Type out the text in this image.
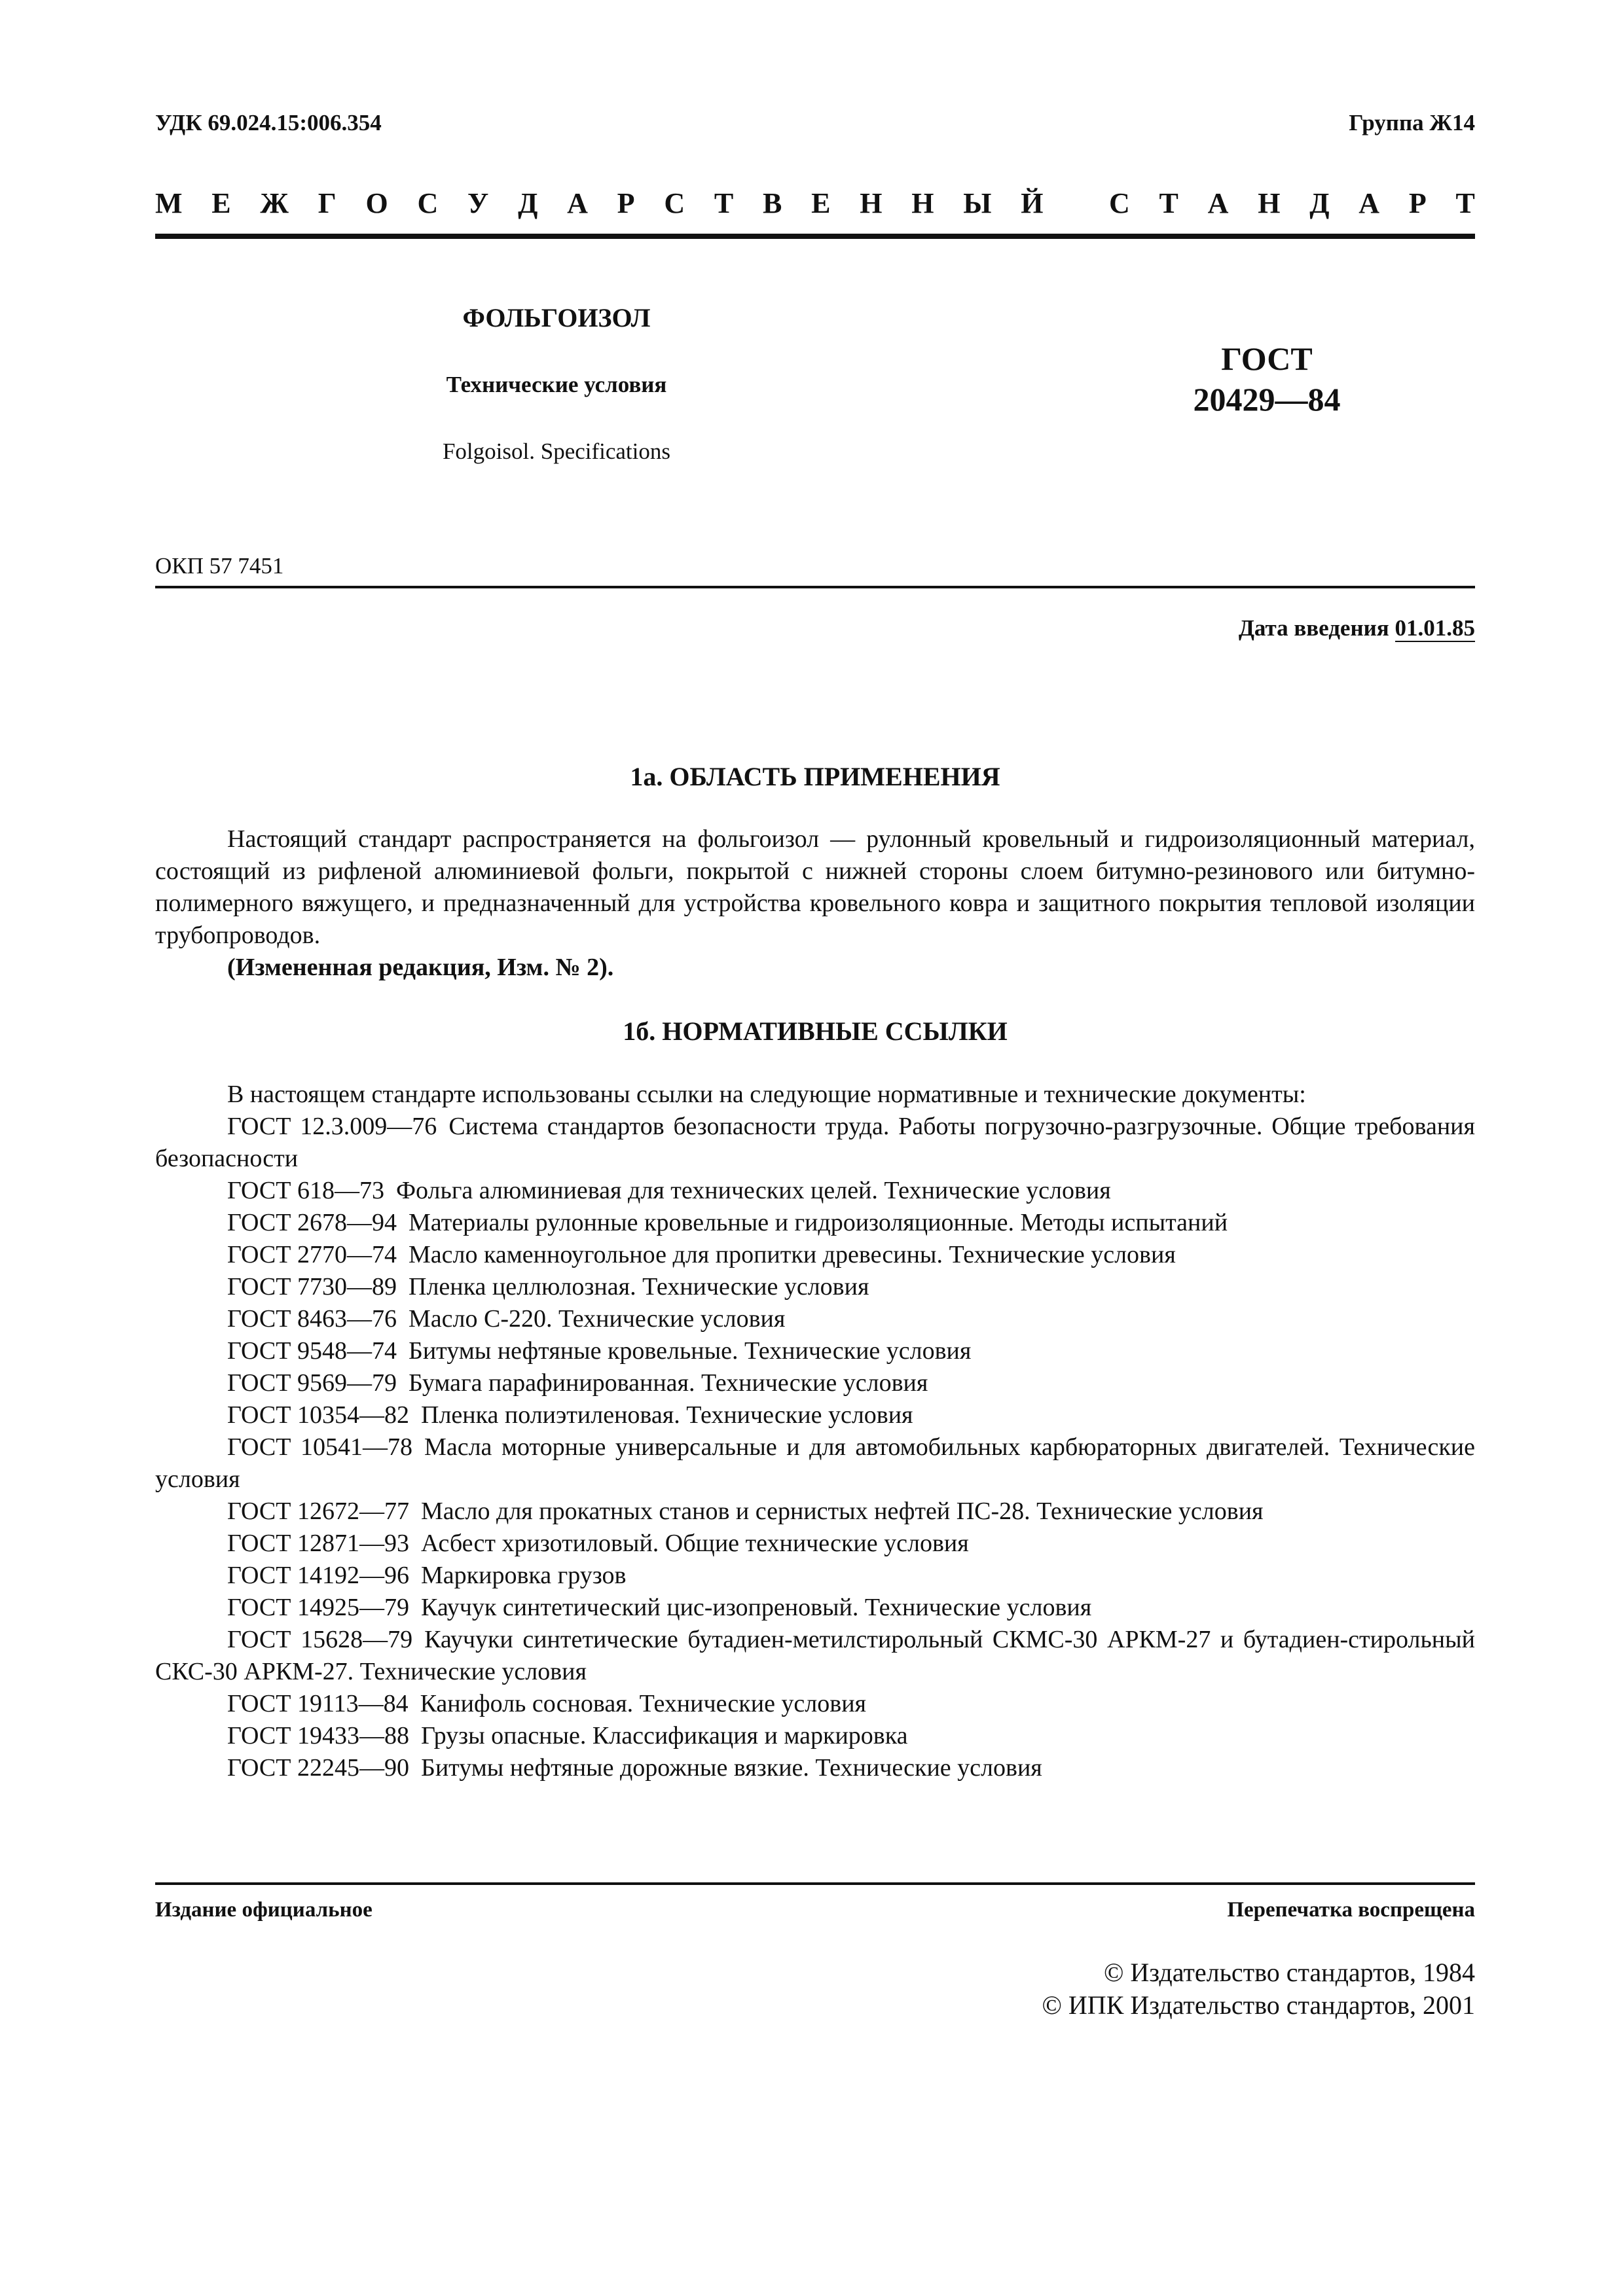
УДК 69.024.15:006.354	Группа Ж14
М Е Ж Г О С У Д А Р С Т В Е Н Н Ы Й
С Т А Н Д А Р Т
ФОЛЬГОИЗОЛ
Технические условия
Folgoisol. Specifications
ГОСТ
20429—84
ОКП 57 7451
Дата введения 01.01.85
1а. ОБЛАСТЬ ПРИМЕНЕНИЯ

Настоящий стандарт распространяется на фольгоизол — рулонный кровельный и гидроизоляционный материал, состоящий из рифленой алюминиевой фольги, покрытой с нижней стороны слоем битумно-резинового или битумно-полимерного вяжущего, и предназначенный для устройства кровельного ковра и защитного покрытия тепловой изоляции трубопроводов.

(Измененная редакция, Изм. № 2).

1б. НОРМАТИВНЫЕ ССЫЛКИ

В настоящем стандарте использованы ссылки на следующие нормативные и технические документы:

ГОСТ 12.3.009—76 Система стандартов безопасности труда. Работы погрузочно-разгрузочные. Общие требования безопасности

ГОСТ 618—73 Фольга алюминиевая для технических целей. Технические условия

ГОСТ 2678—94 Материалы рулонные кровельные и гидроизоляционные. Методы испытаний

ГОСТ 2770—74 Масло каменноугольное для пропитки древесины. Технические условия

ГОСТ 7730—89 Пленка целлюлозная. Технические условия

ГОСТ 8463—76 Масло С-220. Технические условия

ГОСТ 9548—74 Битумы нефтяные кровельные. Технические условия

ГОСТ 9569—79 Бумага парафинированная. Технические условия

ГОСТ 10354—82 Пленка полиэтиленовая. Технические условия

ГОСТ 10541—78 Масла моторные универсальные и для автомобильных карбюраторных двигателей. Технические условия

ГОСТ 12672—77 Масло для прокатных станов и сернистых нефтей ПС-28. Технические условия

ГОСТ 12871—93 Асбест хризотиловый. Общие технические условия

ГОСТ 14192—96 Маркировка грузов

ГОСТ 14925—79 Каучук синтетический цис-изопреновый. Технические условия

ГОСТ 15628—79 Каучуки синтетические бутадиен-метилстирольный СКМС-30 АРКМ-27 и бутадиен-стирольный СКС-30 АРКМ-27. Технические условия

ГОСТ 19113—84 Канифоль сосновая. Технические условия

ГОСТ 19433—88 Грузы опасные. Классификация и маркировка

ГОСТ 22245—90 Битумы нефтяные дорожные вязкие. Технические условия

Издание официальное	Перепечатка воспрещена
© Издательство стандартов, 1984
© ИПК Издательство стандартов, 2001
